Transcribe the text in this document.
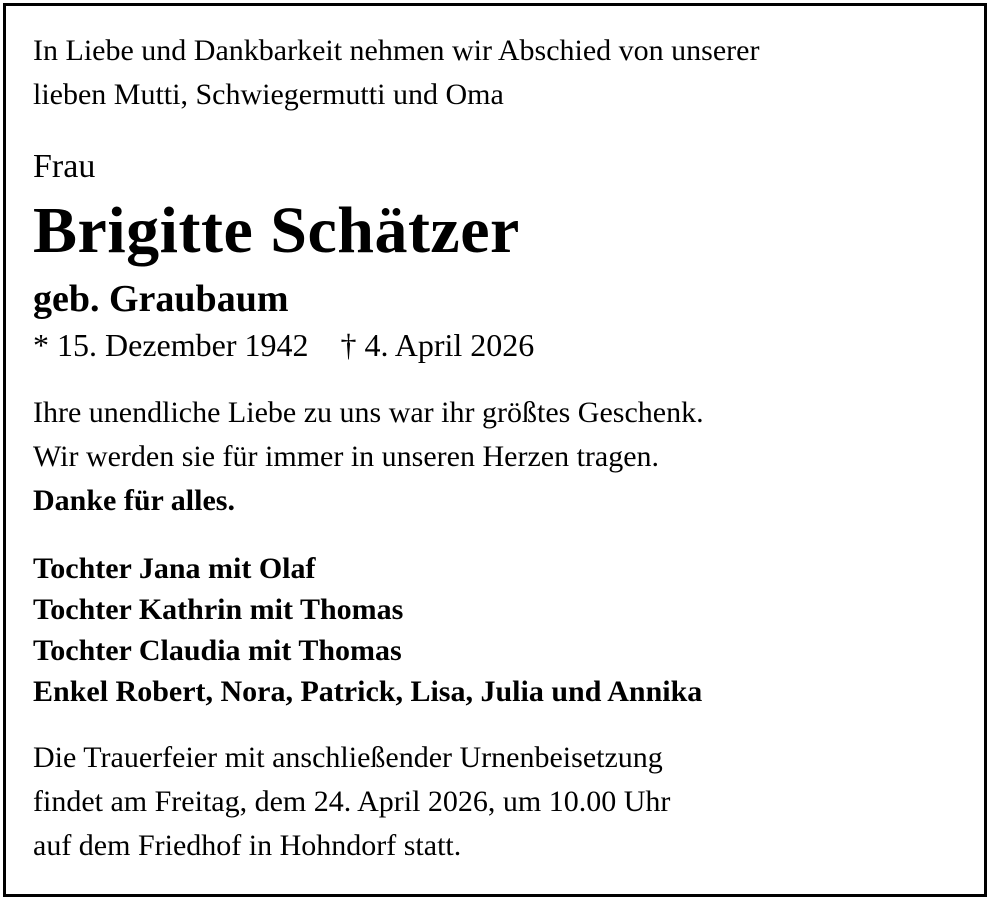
In Liebe und Dankbarkeit nehmen wir Abschied von unserer
lieben Mutti, Schwiegermutti und Oma

Frau
Brigitte Schätzer
geb. Graubaum
* 15. Dezember 1942 † 4. April 2026

Ihre unendliche Liebe zu uns war ihr größtes Geschenk.
Wir werden sie für immer in unseren Herzen tragen.
Danke für alles.

Tochter Jana mit Olaf
Tochter Kathrin mit Thomas
Tochter Claudia mit Thomas
Enkel Robert, Nora, Patrick, Lisa, Julia und Annika

Die Trauerfeier mit anschließender Urnenbeisetzung
findet am Freitag, dem 24. April 2026, um 10.00 Uhr
auf dem Friedhof in Hohndorf statt.
